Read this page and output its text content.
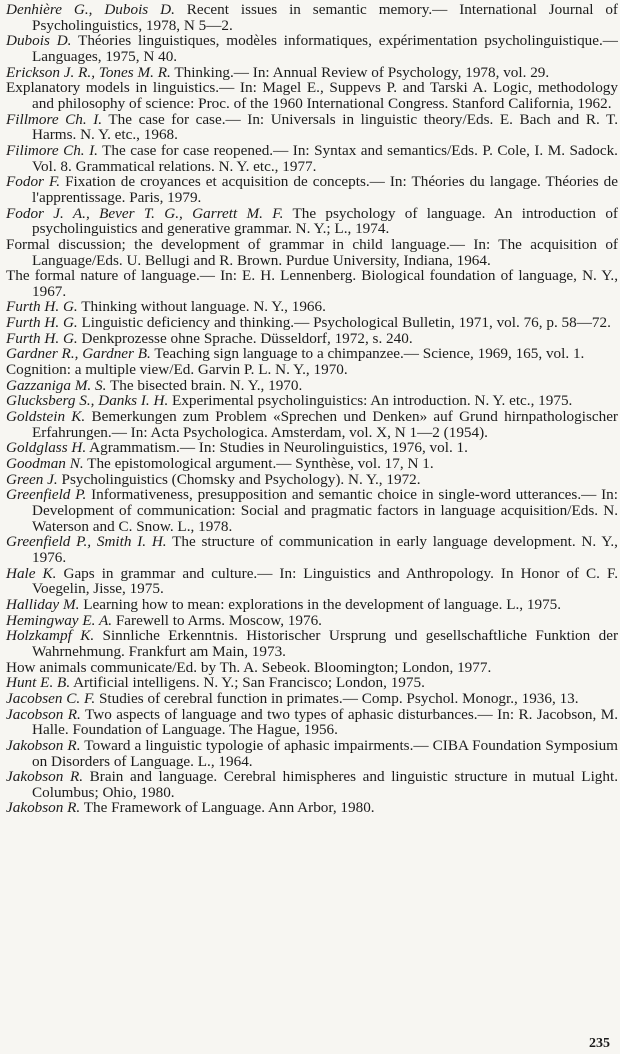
Denhière G., Dubois D. Recent issues in semantic memory.— International Journal of Psycholinguistics, 1978, N 5—2.

Dubois D. Théories linguistiques, modèles informatiques, expérimentation psycholinguistique.— Languages, 1975, N 40.

Erickson J. R., Tones M. R. Thinking.— In: Annual Review of Psychology, 1978, vol. 29.

Explanatory models in linguistics.— In: Magel E., Suppevs P. and Tarski A. Logic, methodology and philosophy of science: Proc. of the 1960 International Congress. Stanford California, 1962.

Fillmore Ch. I. The case for case.— In: Universals in linguistic theory/Eds. E. Bach and R. T. Harms. N. Y. etc., 1968.

Filimore Ch. I. The case for case reopened.— In: Syntax and semantics/Eds. P. Cole, I. M. Sadock. Vol. 8. Grammatical relations. N. Y. etc., 1977.

Fodor F. Fixation de croyances et acquisition de concepts.— In: Théories du langage. Théories de l'apprentissage. Paris, 1979.

Fodor J. A., Bever T. G., Garrett M. F. The psychology of language. An introduction of psycholinguistics and generative grammar. N. Y.; L., 1974.

Formal discussion; the development of grammar in child language.— In: The acquisition of Language/Eds. U. Bellugi and R. Brown. Purdue University, Indiana, 1964.

The formal nature of language.— In: E. H. Lennenberg. Biological foundation of language, N. Y., 1967.

Furth H. G. Thinking without language. N. Y., 1966.

Furth H. G. Linguistic deficiency and thinking.— Psychological Bulletin, 1971, vol. 76, p. 58—72.

Furth H. G. Denkprozesse ohne Sprache. Düsseldorf, 1972, s. 240.

Gardner R., Gardner B. Teaching sign language to a chimpanzee.— Science, 1969, 165, vol. 1.

Cognition: a multiple view/Ed. Garvin P. L. N. Y., 1970.

Gazzaniga M. S. The bisected brain. N. Y., 1970.

Glucksberg S., Danks I. H. Experimental psycholinguistics: An introduction. N. Y. etc., 1975.

Goldstein K. Bemerkungen zum Problem «Sprechen und Denken» auf Grund hirnpathologischer Erfahrungen.— In: Acta Psychologica. Amsterdam, vol. X, N 1—2 (1954).

Goldglass H. Agrammatism.— In: Studies in Neurolinguistics, 1976, vol. 1.

Goodman N. The epistomological argument.— Synthèse, vol. 17, N 1.

Green J. Psycholinguistics (Chomsky and Psychology). N. Y., 1972.

Greenfield P. Informativeness, presupposition and semantic choice in single-word utterances.— In: Development of communication: Social and pragmatic factors in language acquisition/Eds. N. Waterson and C. Snow. L., 1978.

Greenfield P., Smith I. H. The structure of communication in early language development. N. Y., 1976.

Hale K. Gaps in grammar and culture.— In: Linguistics and Anthropology. In Honor of C. F. Voegelin, Jisse, 1975.

Halliday M. Learning how to mean: explorations in the development of language. L., 1975.

Hemingway E. A. Farewell to Arms. Moscow, 1976.

Holzkampf K. Sinnliche Erkenntnis. Historischer Ursprung und gesellschaftliche Funktion der Wahrnehmung. Frankfurt am Main, 1973.

How animals communicate/Ed. by Th. A. Sebeok. Bloomington; London, 1977.

Hunt E. B. Artificial intelligens. N. Y.; San Francisco; London, 1975.

Jacobsen C. F. Studies of cerebral function in primates.— Comp. Psychol. Monogr., 1936, 13.

Jacobson R. Two aspects of language and two types of aphasic disturbances.— In: R. Jacobson, M. Halle. Foundation of Language. The Hague, 1956.

Jakobson R. Toward a linguistic typologie of aphasic impairments.— CIBA Foundation Symposium on Disorders of Language. L., 1964.

Jakobson R. Brain and language. Cerebral himispheres and linguistic structure in mutual Light. Columbus; Ohio, 1980.

Jakobson R. The Framework of Language. Ann Arbor, 1980.

235
